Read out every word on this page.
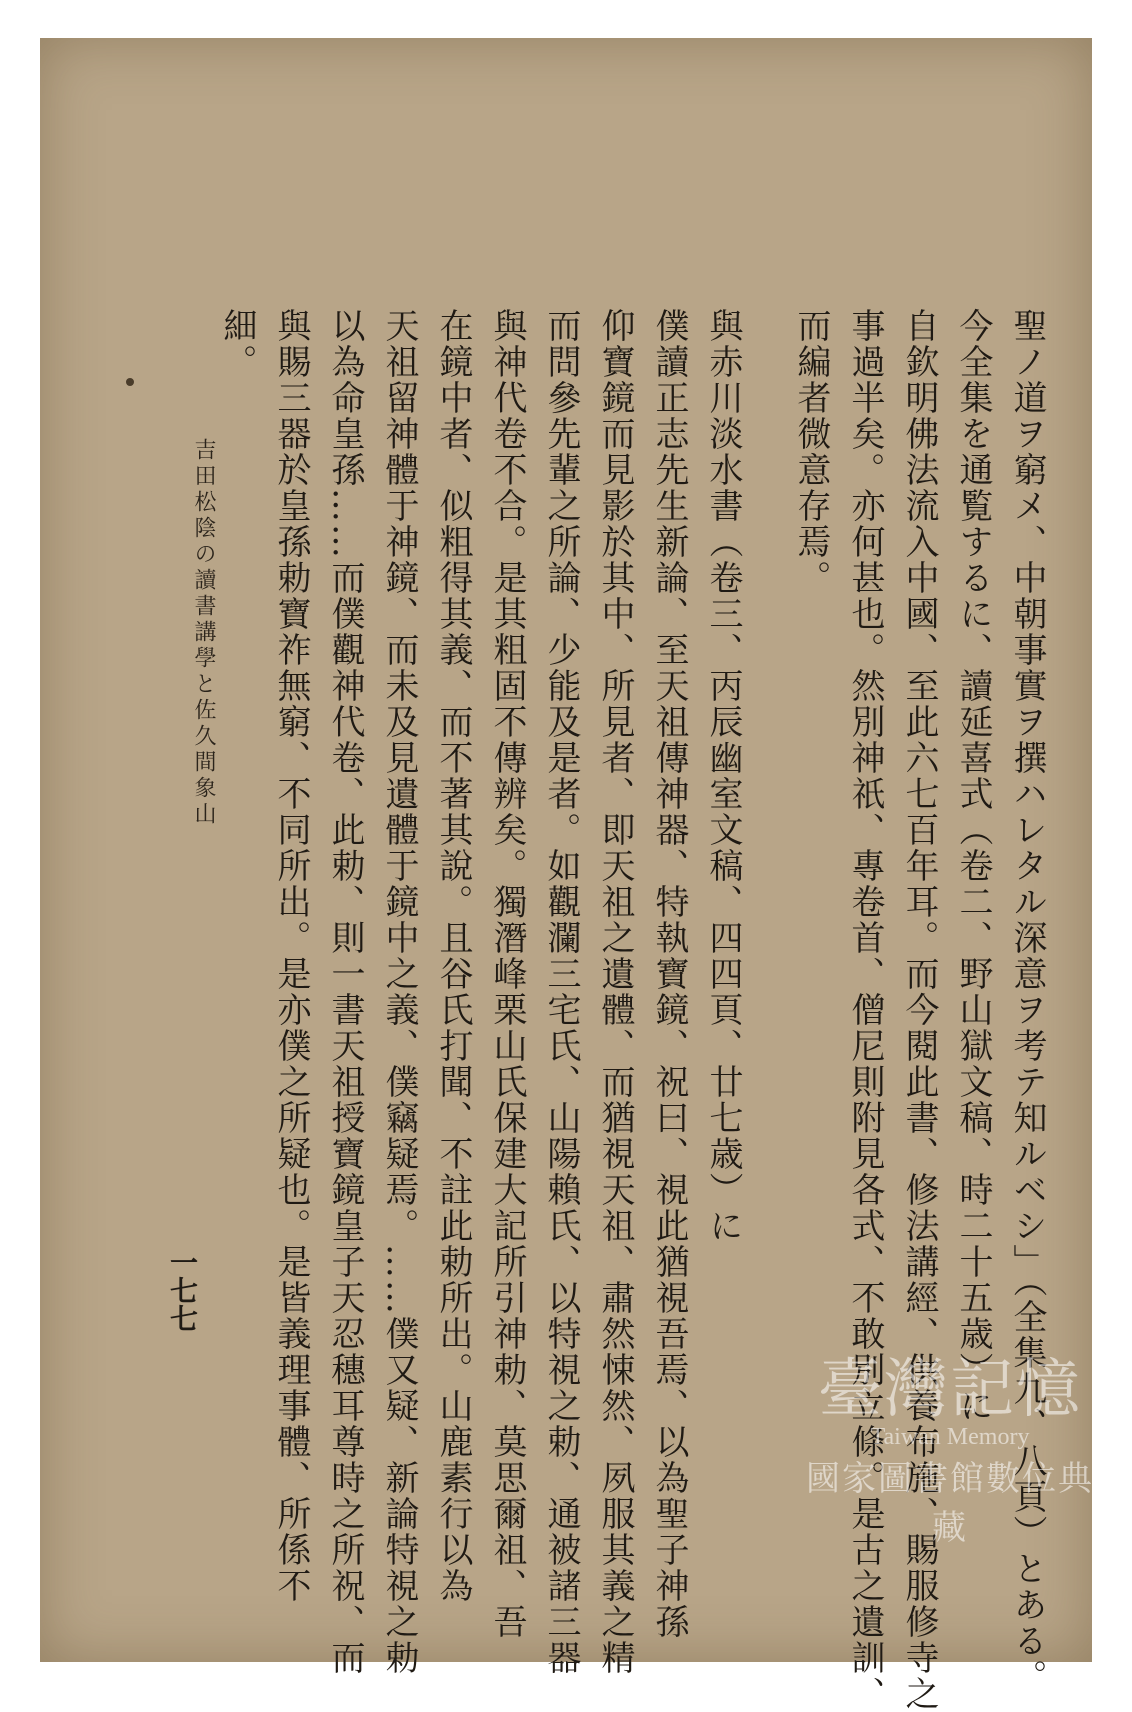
聖ノ道ヲ窮メ、中朝事實ヲ撰ハレタル深意ヲ考テ知ルベシ」（全集九、八頁）とある。
今全集を通覧するに、讀延喜式（卷二、野山獄文稿、時二十五歳）に
自欽明佛法流入中國、至此六七百年耳。而今閱此書、修法講經、供養布施、賜服修寺之
事過半矣。亦何甚也。然別神祇、專卷首、僧尼則附見各式、不敢別立條。是古之遺訓、
而編者微意存焉。
與赤川淡水書（卷三、丙辰幽室文稿、四四頁、廿七歳）に
僕讀正志先生新論、至天祖傳神器、特執寶鏡、祝曰、視此猶視吾焉、以為聖子神孫
仰寶鏡而見影於其中、所見者、即天祖之遺體、而猶視天祖、肅然悚然、夙服其義之精
而問參先輩之所論、少能及是者。如觀瀾三宅氏、山陽賴氏、以特視之勅、通被諸三器
與神代卷不合。是其粗固不傳辨矣。獨潛峰栗山氏保建大記所引神勅、莫思爾祖、吾
在鏡中者、似粗得其義、而不著其說。且谷氏打聞、不註此勅所出。山鹿素行以為
天祖留神體于神鏡、而未及見遺體于鏡中之義、僕竊疑焉。……僕又疑、新論特視之勅
以為命皇孫……而僕觀神代卷、此勅、則一書天祖授寶鏡皇子天忍穗耳尊時之所祝、而
與賜三器於皇孫勅寶祚無窮、不同所出。是亦僕之所疑也。是皆義理事體、所係不
細。
吉田松陰の讀書講學と佐久間象山
一七七
臺灣記憶
Taiwan Memory
國家圖書館數位典藏
